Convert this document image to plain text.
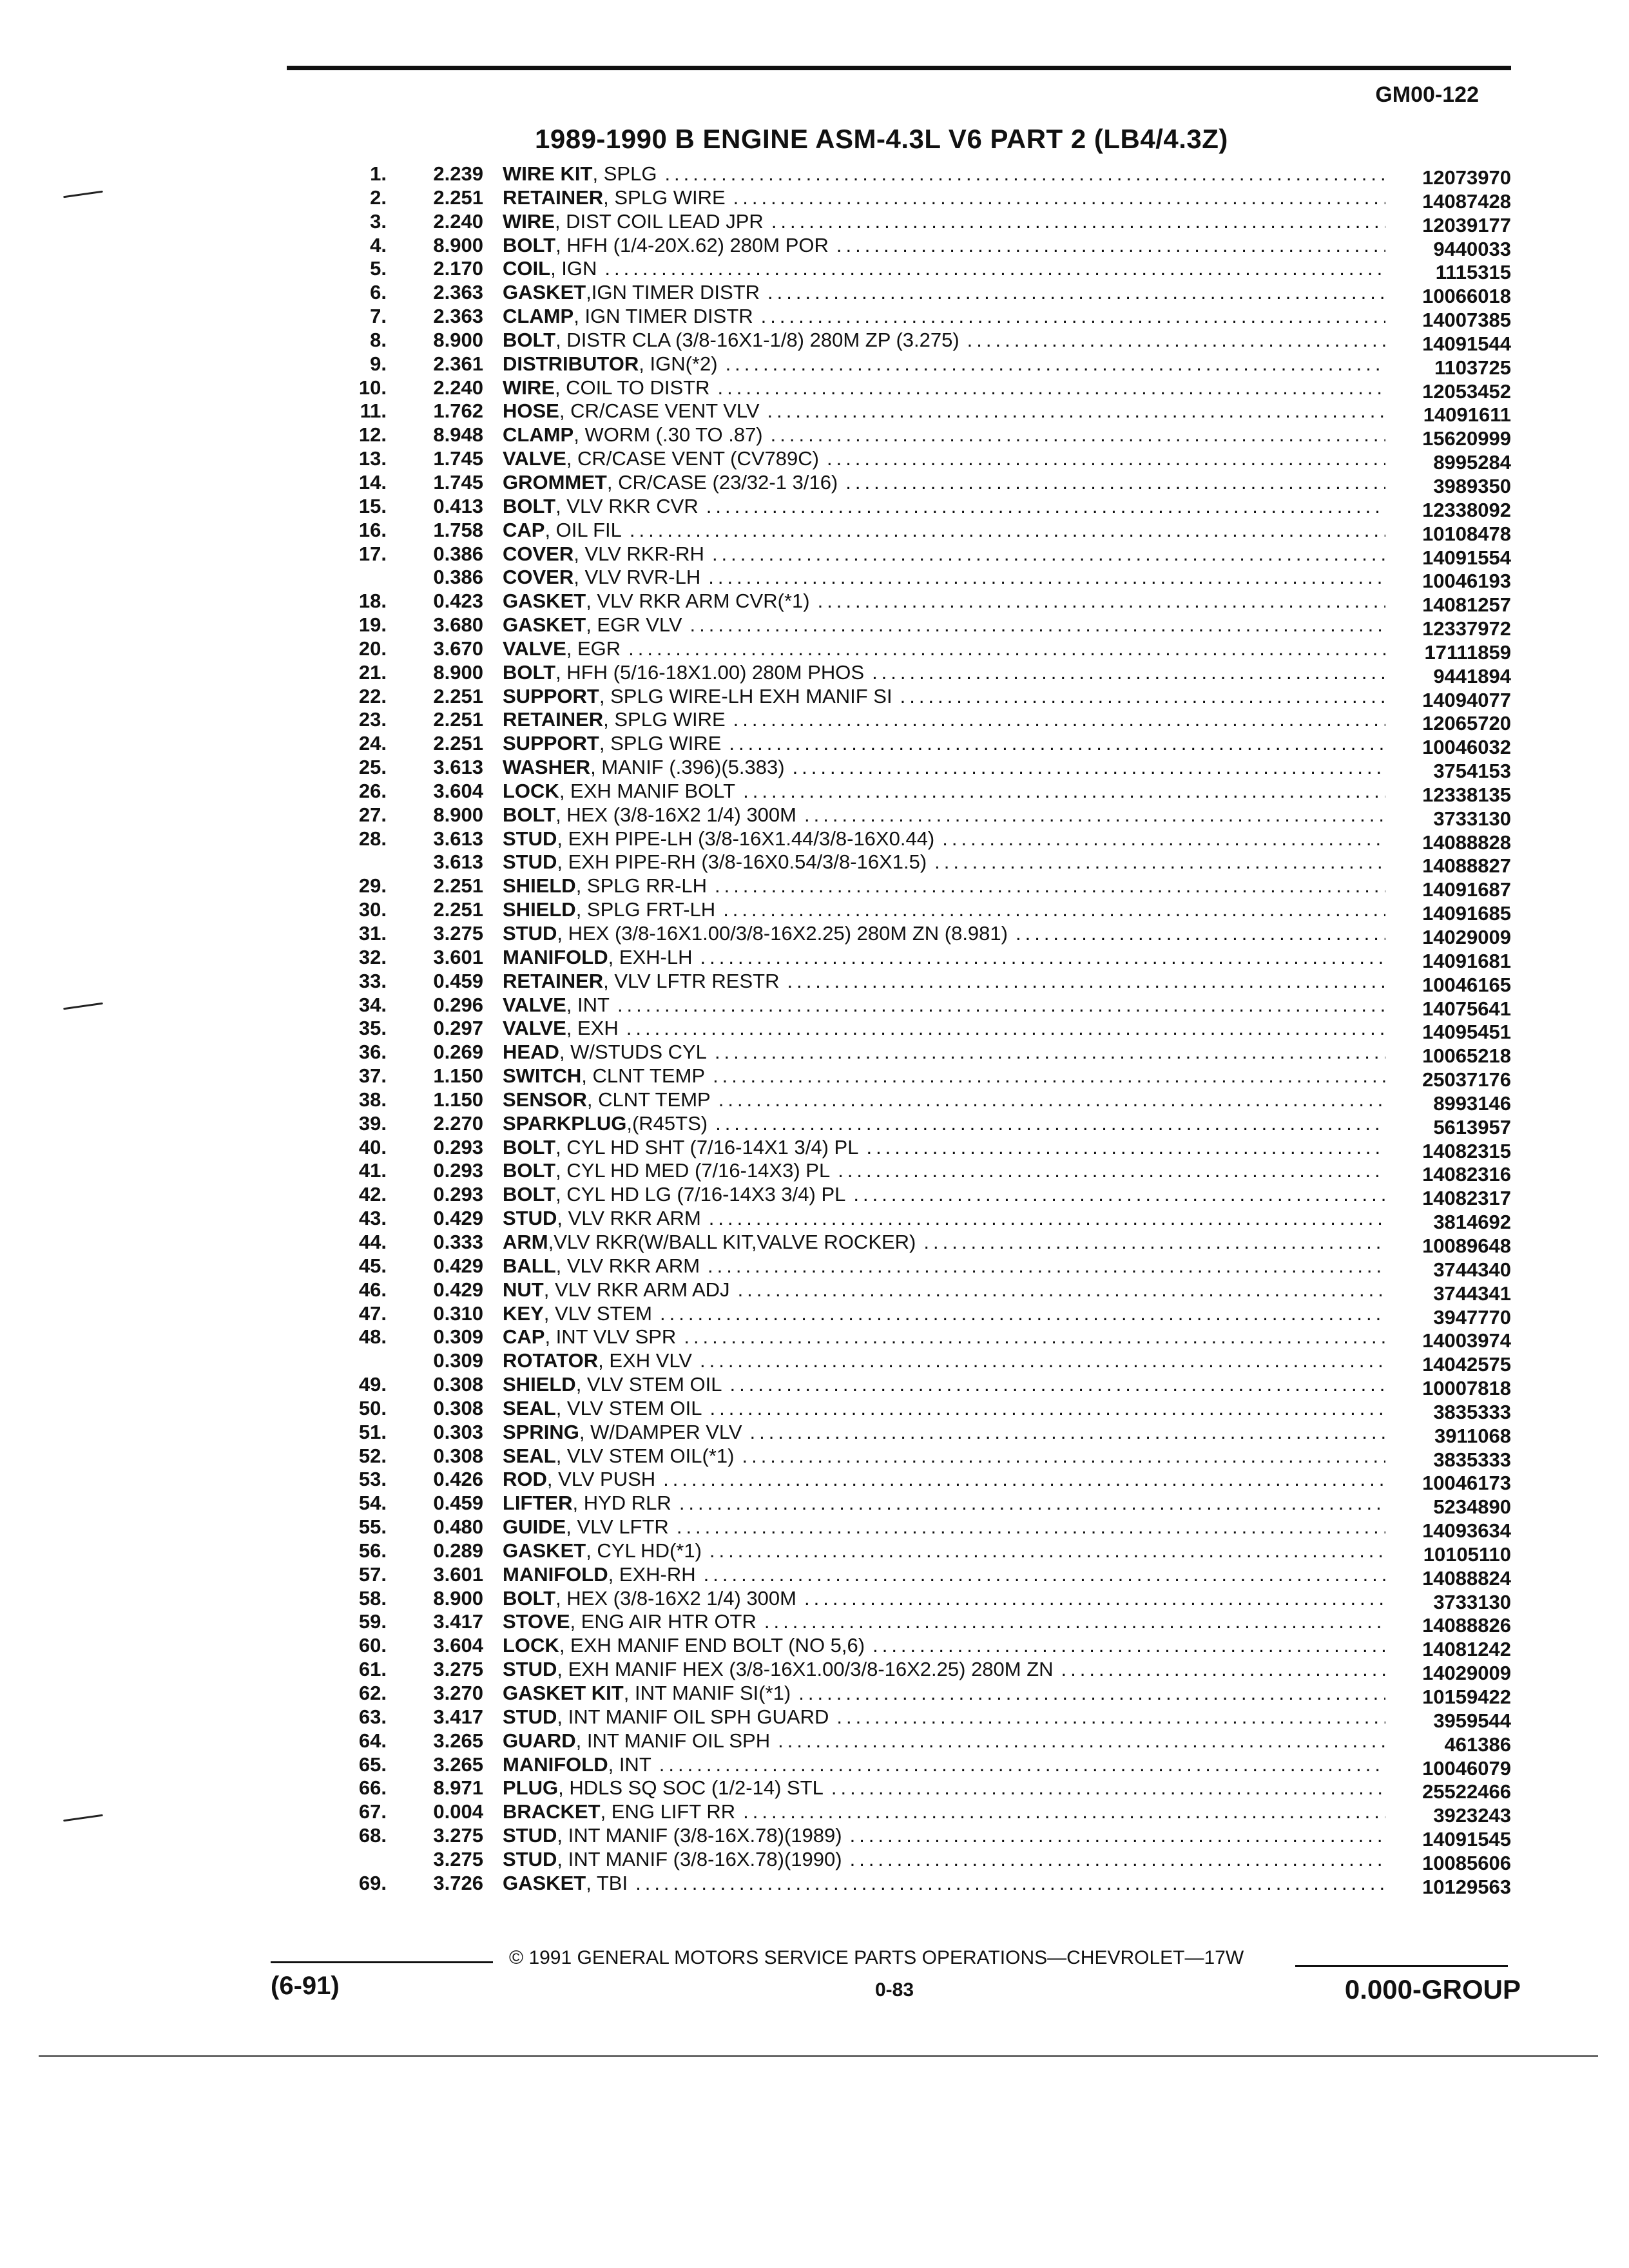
GM00-122
1989-1990 B ENGINE ASM-4.3L V6 PART 2 (LB4/4.3Z)
1.	2.239 WIRE KIT , SPLG .....	12073970
2.	2.251 RETAINER , SPLG WIRE .....	14087428
3.	2.240 WIRE , DIST COIL LEAD JPR .....	12039177
4.	8.900 BOLT , HFH (1/4-20X.62) 280M POR .....	9440033
5.	2.170 COIL , IGN .....	1115315
6.	2.363 GASKET ,IGN TIMER DISTR .....	10066018
7.	2.363 CLAMP , IGN TIMER DISTR .....	14007385
8.	8.900 BOLT , DISTR CLA (3/8-16X1-1/8) 280M ZP (3.275) .....	14091544
9.	2.361 DISTRIBUTOR , IGN(*2) .....	1103725
10.	2.240 WIRE , COIL TO DISTR .....	12053452
11.	1.762 HOSE , CR/CASE VENT VLV .....	14091611
12.	8.948 CLAMP , WORM (.30 TO .87) .....	15620999
13.	1.745 VALVE , CR/CASE VENT (CV789C) .....	8995284
14.	1.745 GROMMET , CR/CASE (23/32-1 3/16) .....	3989350
15.	0.413 BOLT , VLV RKR CVR .....	12338092
16.	1.758 CAP , OIL FIL .....	10108478
17.	0.386 COVER , VLV RKR-RH .....	14091554
0.386 COVER , VLV RVR-LH .....	10046193
18.	0.423 GASKET , VLV RKR ARM CVR(*1) .....	14081257
19.	3.680 GASKET , EGR VLV .....	12337972
20.	3.670 VALVE , EGR .....	17111859
21.	8.900 BOLT , HFH (5/16-18X1.00) 280M PHOS .....	9441894
22.	2.251 SUPPORT , SPLG WIRE-LH EXH MANIF SI .....	14094077
23.	2.251 RETAINER , SPLG WIRE .....	12065720
24.	2.251 SUPPORT , SPLG WIRE .....	10046032
25.	3.613 WASHER , MANIF (.396)(5.383) .....	3754153
26.	3.604 LOCK , EXH MANIF BOLT .....	12338135
27.	8.900 BOLT , HEX (3/8-16X2 1/4) 300M .....	3733130
28.	3.613 STUD , EXH PIPE-LH (3/8-16X1.44/3/8-16X0.44) .....	14088828
3.613 STUD , EXH PIPE-RH (3/8-16X0.54/3/8-16X1.5) .....	14088827
29.	2.251 SHIELD , SPLG RR-LH .....	14091687
30.	2.251 SHIELD , SPLG FRT-LH .....	14091685
31.	3.275 STUD , HEX (3/8-16X1.00/3/8-16X2.25) 280M ZN (8.981) .....	14029009
32.	3.601 MANIFOLD , EXH-LH .....	14091681
33.	0.459 RETAINER , VLV LFTR RESTR .....	10046165
34.	0.296 VALVE , INT .....	14075641
35.	0.297 VALVE , EXH .....	14095451
36.	0.269 HEAD , W/STUDS CYL .....	10065218
37.	1.150 SWITCH , CLNT TEMP .....	25037176
38.	1.150 SENSOR , CLNT TEMP .....	8993146
39.	2.270 SPARKPLUG ,(R45TS) .....	5613957
40.	0.293 BOLT , CYL HD SHT (7/16-14X1 3/4) PL .....	14082315
41.	0.293 BOLT , CYL HD MED (7/16-14X3) PL .....	14082316
42.	0.293 BOLT , CYL HD LG (7/16-14X3 3/4) PL .....	14082317
43.	0.429 STUD , VLV RKR ARM .....	3814692
44.	0.333 ARM ,VLV RKR(W/BALL KIT,VALVE ROCKER) .....	10089648
45.	0.429 BALL , VLV RKR ARM .....	3744340
46.	0.429 NUT , VLV RKR ARM ADJ .....	3744341
47.	0.310 KEY , VLV STEM .....	3947770
48.	0.309 CAP , INT VLV SPR .....	14003974
0.309 ROTATOR , EXH VLV .....	14042575
49.	0.308 SHIELD , VLV STEM OIL .....	10007818
50.	0.308 SEAL , VLV STEM OIL .....	3835333
51.	0.303 SPRING , W/DAMPER VLV .....	3911068
52.	0.308 SEAL , VLV STEM OIL(*1) .....	3835333
53.	0.426 ROD , VLV PUSH .....	10046173
54.	0.459 LIFTER , HYD RLR .....	5234890
55.	0.480 GUIDE , VLV LFTR .....	14093634
56.	0.289 GASKET , CYL HD(*1) .....	10105110
57.	3.601 MANIFOLD , EXH-RH .....	14088824
58.	8.900 BOLT , HEX (3/8-16X2 1/4) 300M .....	3733130
59.	3.417 STOVE , ENG AIR HTR OTR .....	14088826
60.	3.604 LOCK , EXH MANIF END BOLT (NO 5,6) .....	14081242
61.	3.275 STUD , EXH MANIF HEX (3/8-16X1.00/3/8-16X2.25) 280M ZN .....	14029009
62.	3.270 GASKET KIT , INT MANIF SI(*1) .....	10159422
63.	3.417 STUD , INT MANIF OIL SPH GUARD .....	3959544
64.	3.265 GUARD , INT MANIF OIL SPH .....	461386
65.	3.265 MANIFOLD , INT .....	10046079
66.	8.971 PLUG , HDLS SQ SOC (1/2-14) STL .....	25522466
67.	0.004 BRACKET , ENG LIFT RR .....	3923243
68.	3.275 STUD , INT MANIF (3/8-16X.78)(1989) .....	14091545
3.275 STUD , INT MANIF (3/8-16X.78)(1990) .....	10085606
69.	3.726 GASKET , TBI .....	10129563
© 1991 GENERAL MOTORS SERVICE PARTS OPERATIONS—CHEVROLET—17W
(6-91)	0-83	0.000-GROUP
